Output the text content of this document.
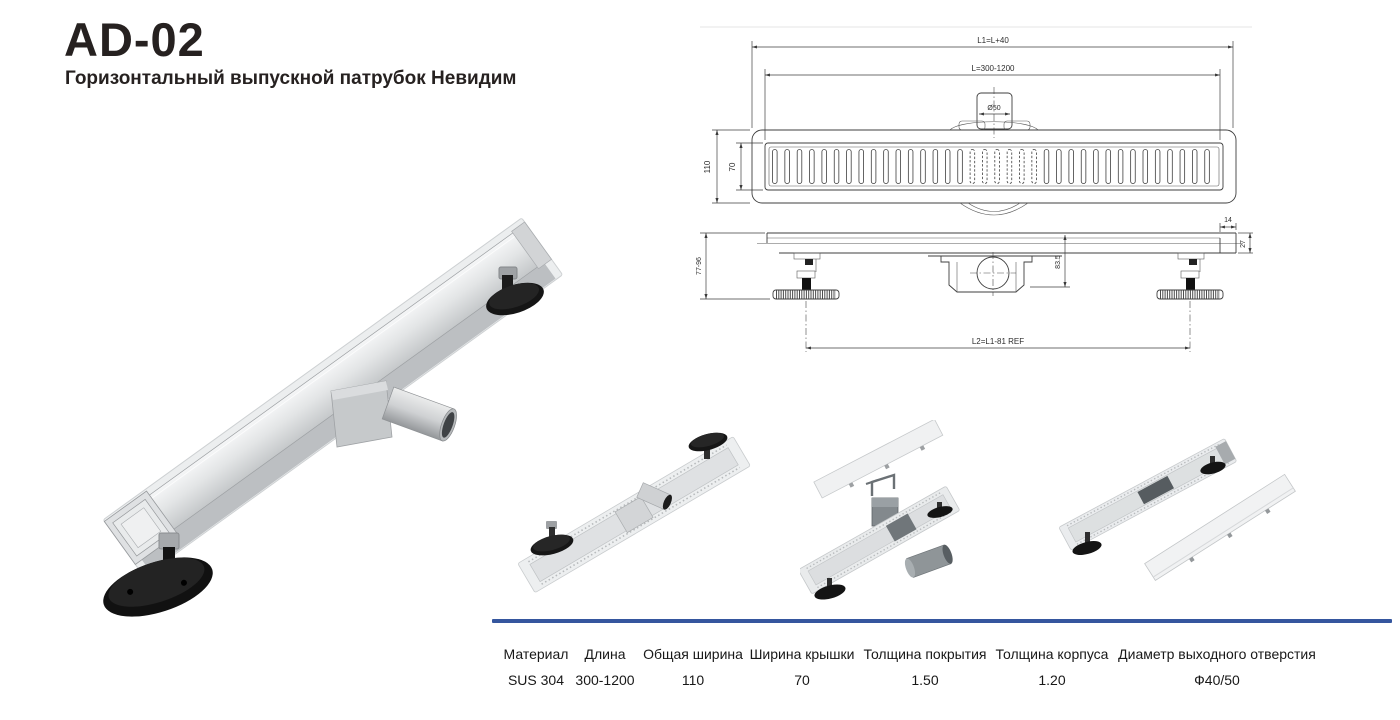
AD-02
Горизонтальный выпускной патрубок Невидим
L1=L+40
L=300-1200
Ø50
110 70
14
27
77-96	83.5
L2=L1-81 REF
Материал
SUS 304
Длина
300-1200
Общая ширина
110
Ширина крышки
70
Толщина покрытия
1.50
Толщина корпуса
1.20
Диаметр выходного отверстия
Ф40/50
